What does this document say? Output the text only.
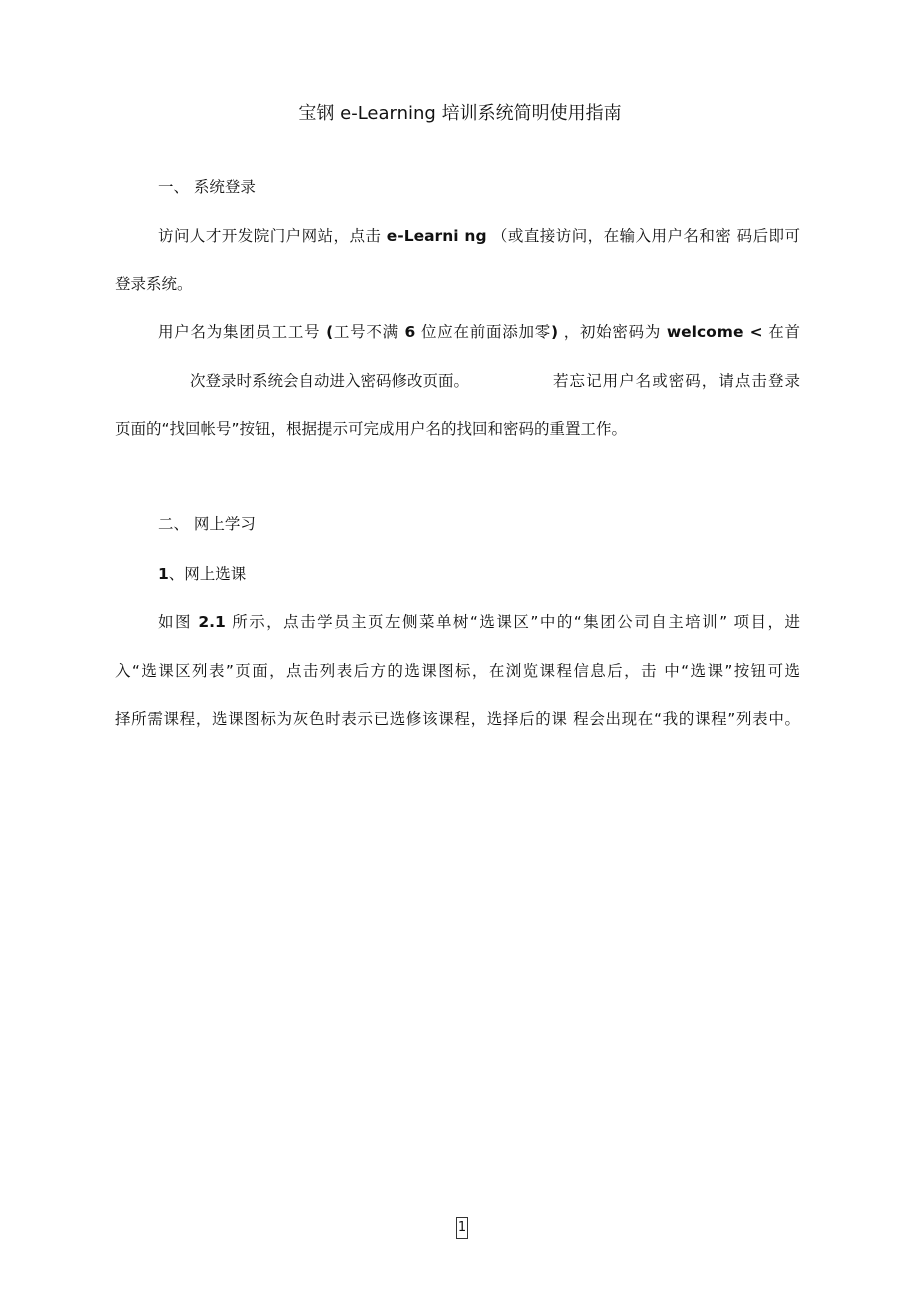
宝钢 e-Learning 培训系统简明使用指南
一、 系统登录
访问人才开发院门户网站，点击 e-Learni ng （或直接访问，在输入用户名和密 码后即可
登录系统。
用户名为集团员工工号 (工号不满 6 位应在前面添加零) ，初始密码为 welcome < 在首
次登录时系统会自动进入密码修改页面。	若忘记用户名或密码，请点击登录
页面的“找回帐号”按钮，根据提示可完成用户名的找回和密码的重置工作。
二、 网上学习
1、网上选课
如图 2.1 所示，点击学员主页左侧菜单树“选课区”中的“集团公司自主培训” 项目，进
入“选课区列表”页面，点击列表后方的选课图标，在浏览课程信息后，击 中“选课”按钮可选
择所需课程，选课图标为灰色时表示已选修该课程，选择后的课 程会出现在“我的课程”列表中。
1
